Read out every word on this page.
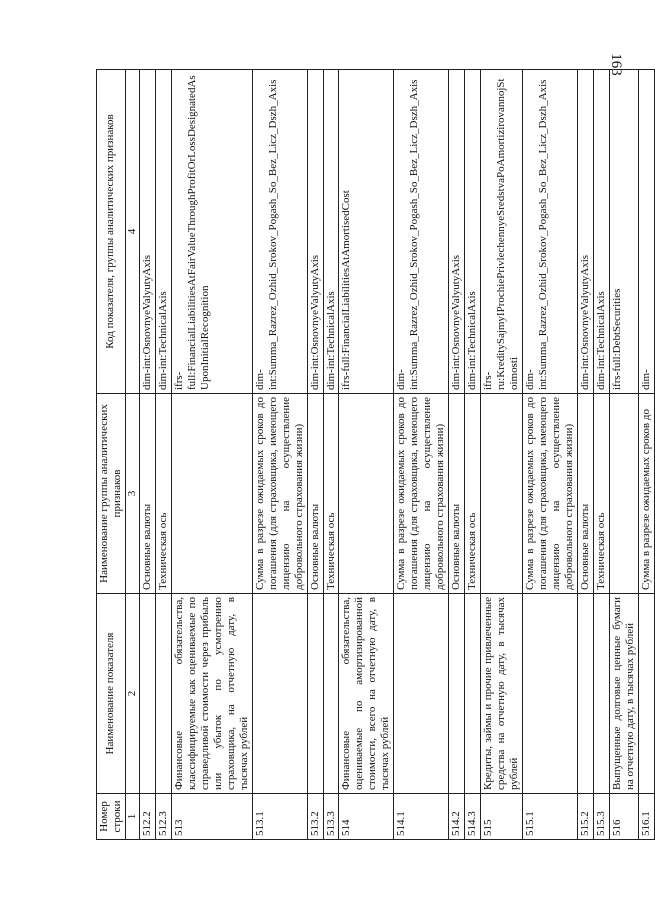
163
Номер строки	Наименование показателя	Наименование группы аналитических признаков	Код показателя, группы аналитических признаков
1	2	3	4
512.2		Основные валюты	dim-int:OsnovnyeValyutyAxis
512.3		Техническая ось	dim-int:TechnicalAxis
513	Финансовые обязательства, классифицируемые как оцениваемые по справедливой стоимости через прибыль или убыток по усмотрению страховщика, на отчетную дату, в тысячах рублей		ifrs-full:FinancialLiabilitiesAtFairValueThroughProfitOrLossDesignatedAsUponInitialRecognition
513.1		Сумма в разрезе ожидаемых сроков до погашения (для страховщика, имеющего лицензию на осуществление добровольного страхования жизни)	dim-int:Summa_Razrez_Ozhid_Srokov_Pogash_So_Bez_Licz_Dszh_Axis
513.2		Основные валюты	dim-int:OsnovnyeValyutyAxis
513.3		Техническая ось	dim-int:TechnicalAxis
514	Финансовые обязательства, оцениваемые по амортизированной стоимости, всего на отчетную дату, в тысячах рублей		ifrs-full:FinancialLiabilitiesAtAmortisedCost
514.1		Сумма в разрезе ожидаемых сроков до погашения (для страховщика, имеющего лицензию на осуществление добровольного страхования жизни)	dim-int:Summa_Razrez_Ozhid_Srokov_Pogash_So_Bez_Licz_Dszh_Axis
514.2		Основные валюты	dim-int:OsnovnyeValyutyAxis
514.3		Техническая ось	dim-int:TechnicalAxis
515	Кредиты, займы и прочие привлеченные средства на отчетную дату, в тысячах рублей		ifrs-ru:KreditySajmyIProchiePrivlechennyeSredstvaPoAmortizirovannojStoimosti
515.1		Сумма в разрезе ожидаемых сроков до погашения (для страховщика, имеющего лицензию на осуществление добровольного страхования жизни)	dim-int:Summa_Razrez_Ozhid_Srokov_Pogash_So_Bez_Licz_Dszh_Axis
515.2		Основные валюты	dim-int:OsnovnyeValyutyAxis
515.3		Техническая ось	dim-int:TechnicalAxis
516	Выпущенные долговые ценные бумаги на отчетную дату, в тысячах рублей		ifrs-full:DebtSecurities
516.1		Сумма в разрезе ожидаемых сроков до	dim-
